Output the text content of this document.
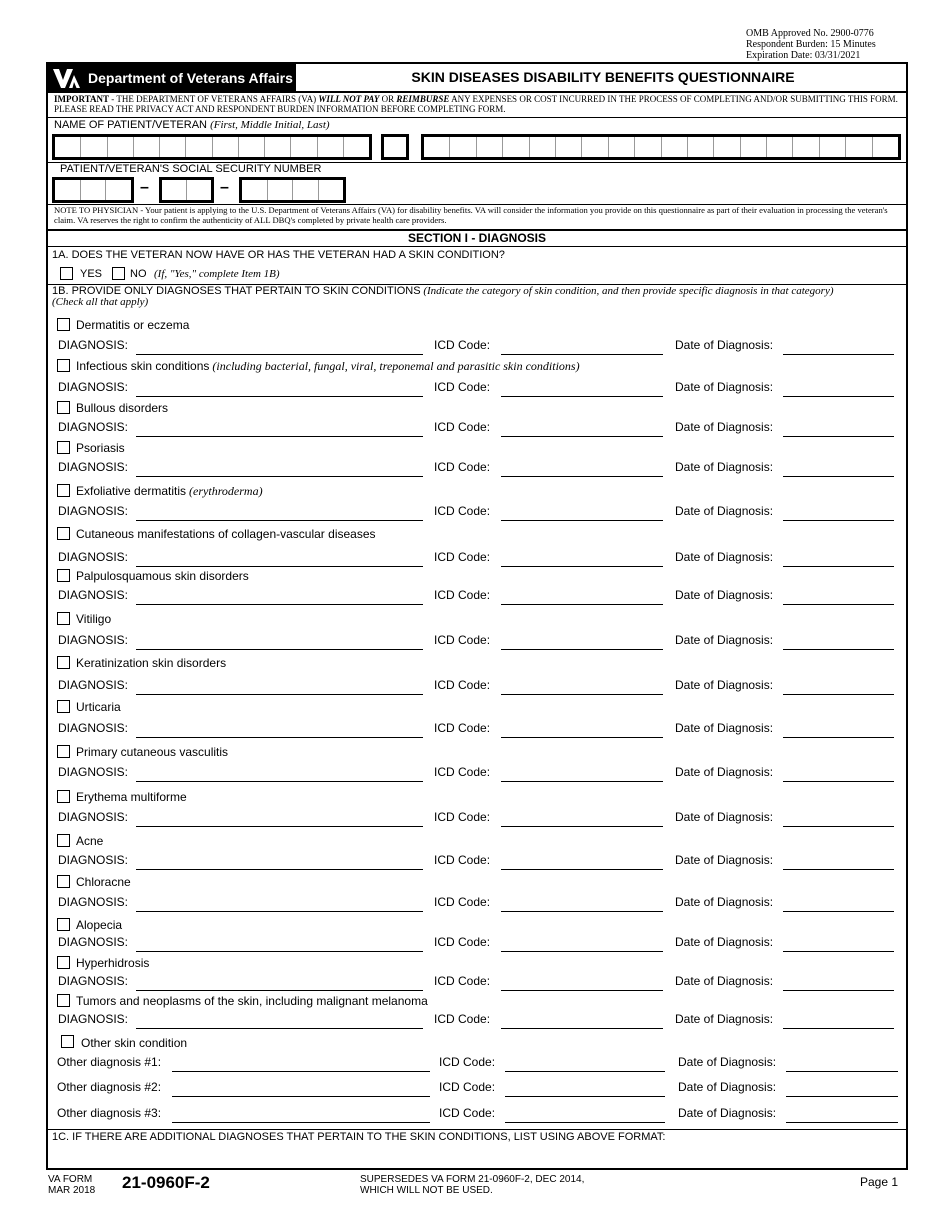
OMB Approved No. 2900-0776
Respondent Burden: 15 Minutes
Expiration Date: 03/31/2021
Department of Veterans Affairs	SKIN DISEASES DISABILITY BENEFITS QUESTIONNAIRE
IMPORTANT - THE DEPARTMENT OF VETERANS AFFAIRS (VA) WILL NOT PAY OR REIMBURSE ANY EXPENSES OR COST INCURRED IN THE PROCESS OF COMPLETING AND/OR SUBMITTING THIS FORM. PLEASE READ THE PRIVACY ACT AND RESPONDENT BURDEN INFORMATION BEFORE COMPLETING FORM.
NAME OF PATIENT/VETERAN (First, Middle Initial, Last)
PATIENT/VETERAN'S SOCIAL SECURITY NUMBER
–	–
NOTE TO PHYSICIAN - Your patient is applying to the U.S. Department of Veterans Affairs (VA) for disability benefits. VA will consider the information you provide on this questionnaire as part of their evaluation in processing the veteran's claim. VA reserves the right to confirm the authenticity of ALL DBQ's completed by private health care providers.
SECTION I - DIAGNOSIS
1A. DOES THE VETERAN NOW HAVE OR HAS THE VETERAN HAD A SKIN CONDITION?
YES	NO (If, "Yes," complete Item 1B)
1B. PROVIDE ONLY DIAGNOSES THAT PERTAIN TO SKIN CONDITIONS (Indicate the category of skin condition, and then provide specific diagnosis in that category)
(Check all that apply)
Dermatitis or eczema
DIAGNOSIS:	ICD Code:	Date of Diagnosis:
Infectious skin conditions (including bacterial, fungal, viral, treponemal and parasitic skin conditions)
DIAGNOSIS:	ICD Code:	Date of Diagnosis:
Bullous disorders
DIAGNOSIS:	ICD Code:	Date of Diagnosis:
Psoriasis
DIAGNOSIS:	ICD Code:	Date of Diagnosis:
Exfoliative dermatitis (erythroderma)
DIAGNOSIS:	ICD Code:	Date of Diagnosis:
Cutaneous manifestations of collagen-vascular diseases
DIAGNOSIS:	ICD Code:	Date of Diagnosis:
Palpulosquamous skin disorders
DIAGNOSIS:	ICD Code:	Date of Diagnosis:
Vitiligo
DIAGNOSIS:	ICD Code:	Date of Diagnosis:
Keratinization skin disorders
DIAGNOSIS:	ICD Code:	Date of Diagnosis:
Urticaria
DIAGNOSIS:	ICD Code:	Date of Diagnosis:
Primary cutaneous vasculitis
DIAGNOSIS:	ICD Code:	Date of Diagnosis:
Erythema multiforme
DIAGNOSIS:	ICD Code:	Date of Diagnosis:
Acne
DIAGNOSIS:	ICD Code:	Date of Diagnosis:
Chloracne
DIAGNOSIS:	ICD Code:	Date of Diagnosis:
Alopecia
DIAGNOSIS:	ICD Code:	Date of Diagnosis:
Hyperhidrosis
DIAGNOSIS:	ICD Code:	Date of Diagnosis:
Tumors and neoplasms of the skin, including malignant melanoma
DIAGNOSIS:	ICD Code:	Date of Diagnosis:
Other skin condition
Other diagnosis #1:	ICD Code:	Date of Diagnosis:
Other diagnosis #2:	ICD Code:	Date of Diagnosis:
Other diagnosis #3:	ICD Code:	Date of Diagnosis:
1C. IF THERE ARE ADDITIONAL DIAGNOSES THAT PERTAIN TO THE SKIN CONDITIONS, LIST USING ABOVE FORMAT:
VA FORM
MAR 2018 21-0960F-2	SUPERSEDES VA FORM 21-0960F-2, DEC 2014,
WHICH WILL NOT BE USED.
Page 1
